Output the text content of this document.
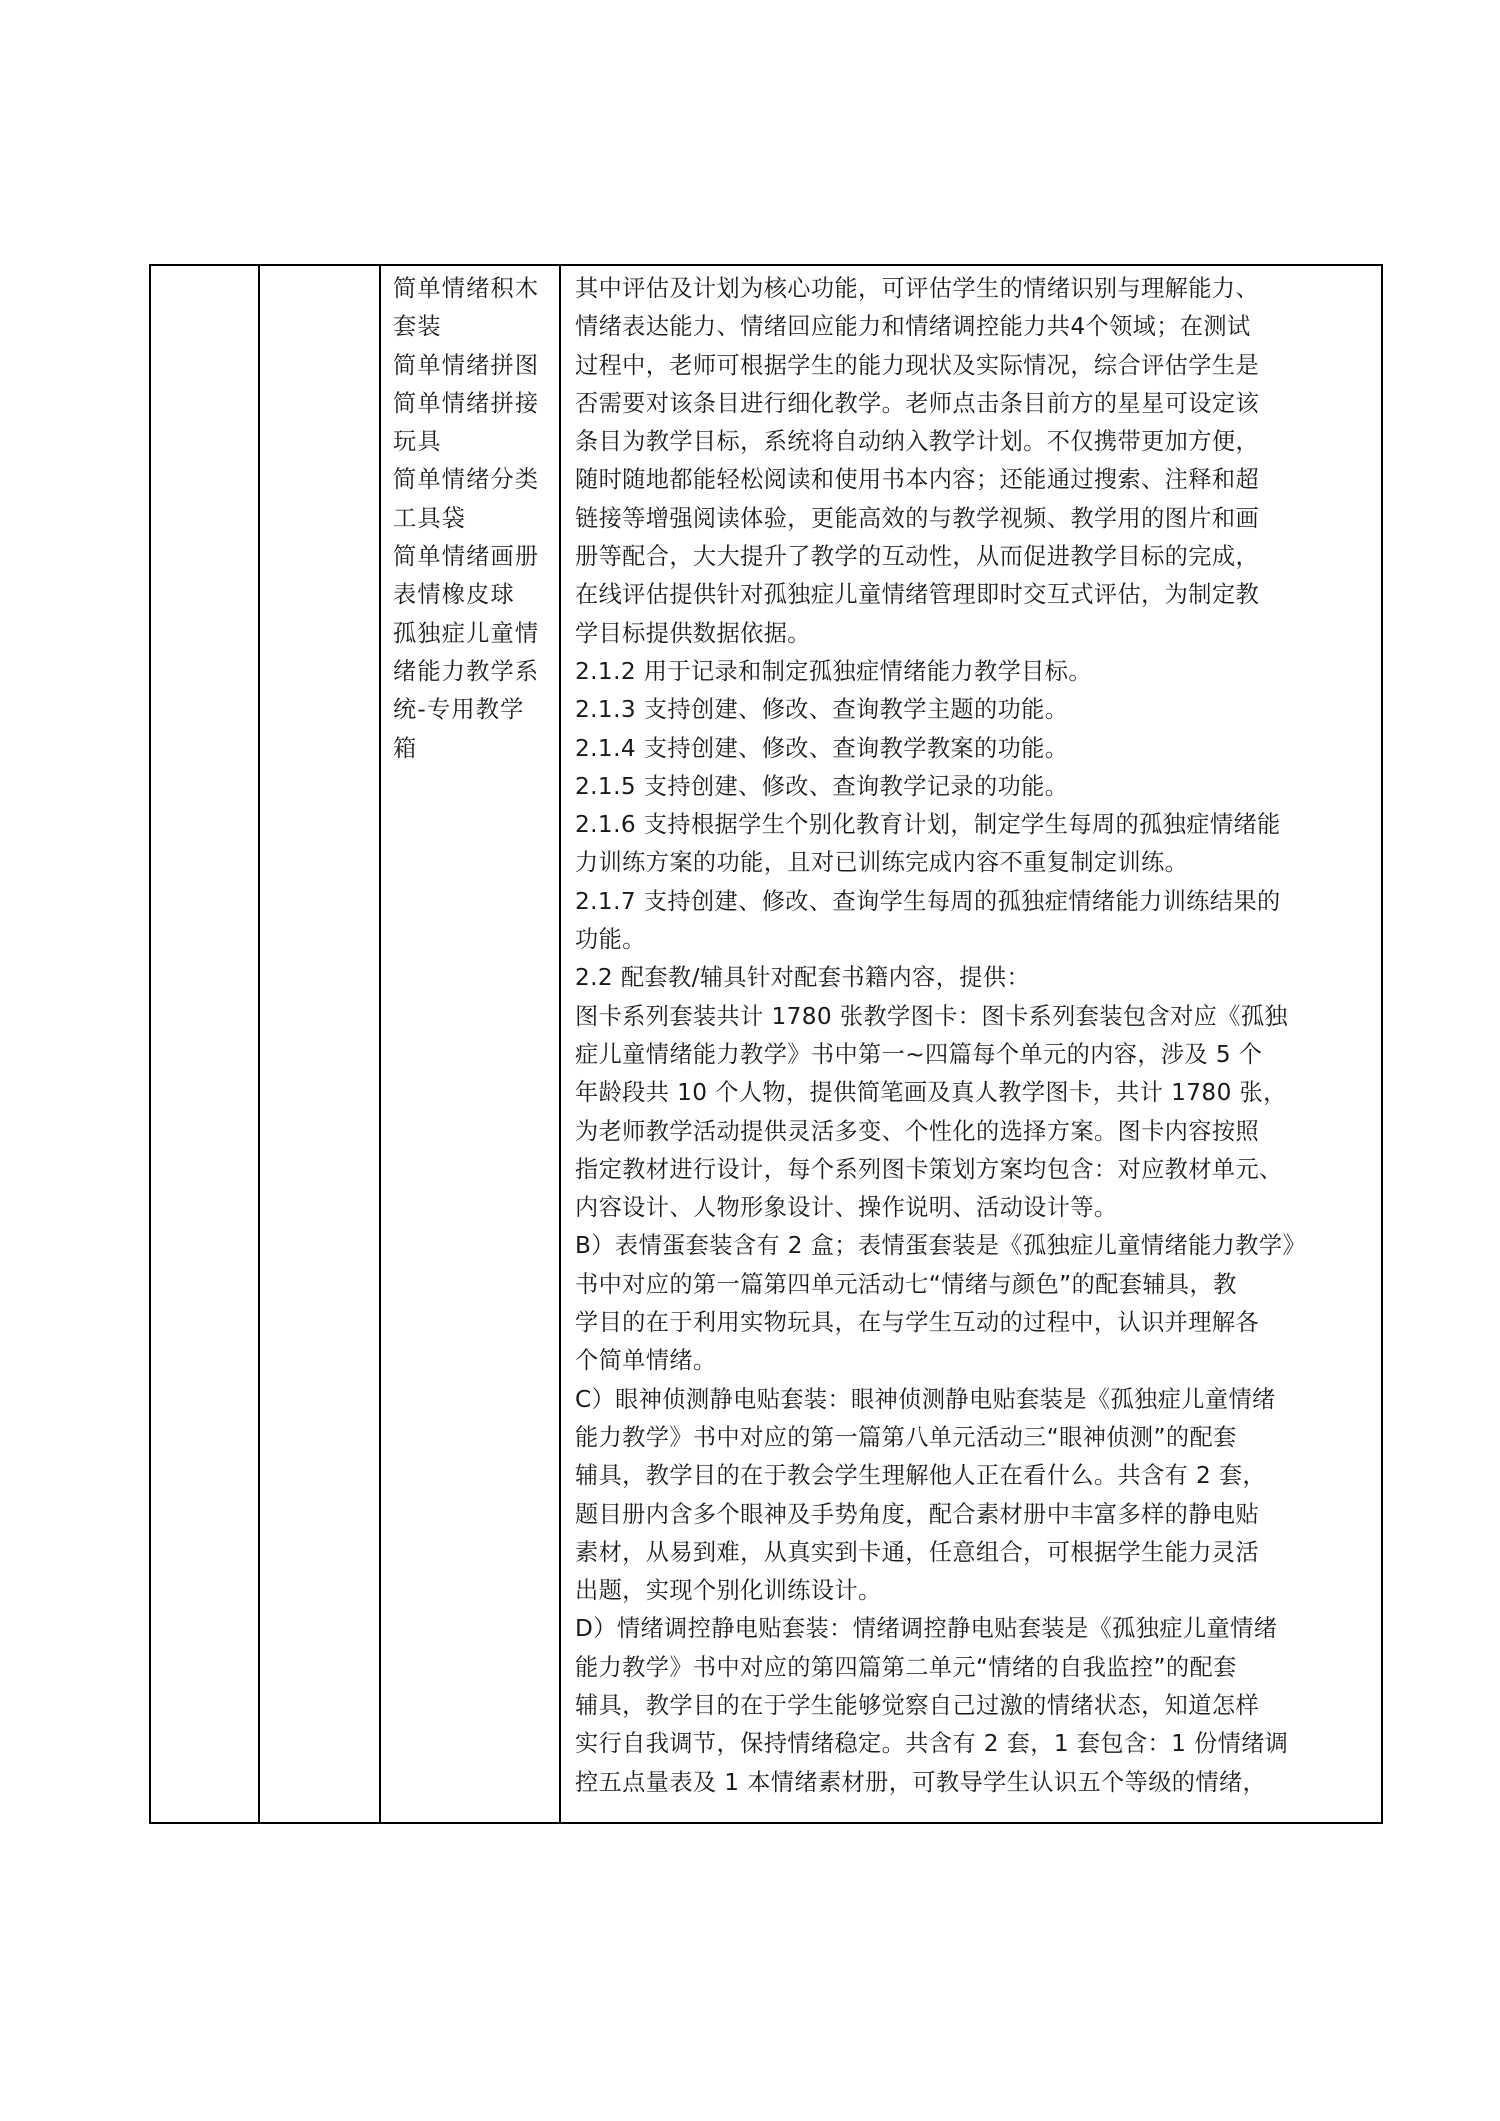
简单情绪积木
套装
简单情绪拼图
简单情绪拼接
玩具
简单情绪分类
工具袋
简单情绪画册
表情橡皮球
孤独症儿童情
绪能力教学系
统-专用教学
箱
其中评估及计划为核心功能，可评估学生的情绪识别与理解能力、
情绪表达能力、情绪回应能力和情绪调控能力共4个领域；在测试
过程中，老师可根据学生的能力现状及实际情况，综合评估学生是
否需要对该条目进行细化教学。老师点击条目前方的星星可设定该
条目为教学目标，系统将自动纳入教学计划。不仅携带更加方便，
随时随地都能轻松阅读和使用书本内容；还能通过搜索、注释和超
链接等增强阅读体验，更能高效的与教学视频、教学用的图片和画
册等配合，大大提升了教学的互动性，从而促进教学目标的完成，
在线评估提供针对孤独症儿童情绪管理即时交互式评估，为制定教
学目标提供数据依据。
2.1.2 用于记录和制定孤独症情绪能力教学目标。
2.1.3 支持创建、修改、查询教学主题的功能。
2.1.4 支持创建、修改、查询教学教案的功能。
2.1.5 支持创建、修改、查询教学记录的功能。
2.1.6 支持根据学生个别化教育计划，制定学生每周的孤独症情绪能
力训练方案的功能，且对已训练完成内容不重复制定训练。
2.1.7 支持创建、修改、查询学生每周的孤独症情绪能力训练结果的
功能。
2.2 配套教/辅具针对配套书籍内容，提供：
图卡系列套装共计 1780 张教学图卡：图卡系列套装包含对应《孤独
症儿童情绪能力教学》书中第一~四篇每个单元的内容，涉及 5 个
年龄段共 10 个人物，提供简笔画及真人教学图卡，共计 1780 张，
为老师教学活动提供灵活多变、个性化的选择方案。图卡内容按照
指定教材进行设计，每个系列图卡策划方案均包含：对应教材单元、
内容设计、人物形象设计、操作说明、活动设计等。
B）表情蛋套装含有 2 盒；表情蛋套装是《孤独症儿童情绪能力教学》
书中对应的第一篇第四单元活动七“情绪与颜色”的配套辅具，教
学目的在于利用实物玩具，在与学生互动的过程中，认识并理解各
个简单情绪。
C）眼神侦测静电贴套装：眼神侦测静电贴套装是《孤独症儿童情绪
能力教学》书中对应的第一篇第八单元活动三“眼神侦测”的配套
辅具，教学目的在于教会学生理解他人正在看什么。共含有 2 套，
题目册内含多个眼神及手势角度，配合素材册中丰富多样的静电贴
素材，从易到难，从真实到卡通，任意组合，可根据学生能力灵活
出题，实现个别化训练设计。
D）情绪调控静电贴套装：情绪调控静电贴套装是《孤独症儿童情绪
能力教学》书中对应的第四篇第二单元“情绪的自我监控”的配套
辅具，教学目的在于学生能够觉察自己过激的情绪状态，知道怎样
实行自我调节，保持情绪稳定。共含有 2 套，1 套包含：1 份情绪调
控五点量表及 1 本情绪素材册，可教导学生认识五个等级的情绪，
